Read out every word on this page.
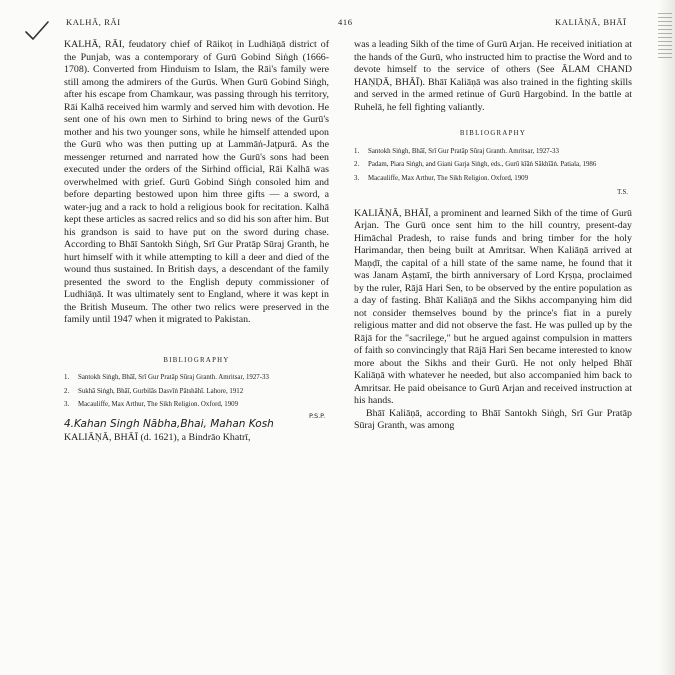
KALHĀ, RĀI	416	KALIĀṆĀ, BHĀĪ

KALHĀ, RĀI, feudatory chief of Rāikoṭ in Ludhiāṇā district of the Punjab, was a contemporary of Gurū Gobind Siṅgh (1666-1708). Converted from Hinduism to Islam, the Rāi's family were still among the admirers of the Gurūs. When Gurū Gobind Siṅgh, after his escape from Chamkaur, was passing through his territory, Rāi Kalhā received him warmly and served him with devotion. He sent one of his own men to Sirhind to bring news of the Gurū's mother and his two younger sons, while he himself attended upon the Gurū who was then putting up at Lammāṅ-Jaṭpurā. As the messenger returned and narrated how the Gurū's sons had been executed under the orders of the Sirhind official, Rāi Kalhā was overwhelmed with grief. Gurū Gobind Siṅgh consoled him and before departing bestowed upon him three gifts — a sword, a water-jug and a rack to hold a religious book for recitation. Kalhā kept these articles as sacred relics and so did his son after him. But his grandson is said to have put on the sword during chase. According to Bhāī Santokh Siṅgh, Srī Gur Pratāp Sūraj Granth, he hurt himself with it while attempting to kill a deer and died of the wound thus sustained. In British days, a descendant of the family presented the sword to the English deputy commissioner of Ludhiāṇā. It was ultimately sent to England, where it was kept in the British Museum. The other two relics were preserved in the family until 1947 when it migrated to Pakistan.

BIBLIOGRAPHY
1. Santokh Siṅgh, Bhāī, Srī Gur Pratāp Sūraj Granth. Amritsar, 1927-33
2. Sukhā Siṅgh, Bhāī, Gurbilās Dasvīṅ Pātshāhī. Lahore, 1912
3. Macauliffe, Max Arthur, The Sikh Religion. Oxford, 1909
4.Kahan Singh Nābha,Bhai, Mahan Kosh
P.S.P.

KALIĀṆĀ, BHĀĪ (d. 1621), a Bindrāo Khatrī,

was a leading Sikh of the time of Gurū Arjan. He received initiation at the hands of the Gurū, who instructed him to practise the Word and to devote himself to the service of others (See ĀLAM CHAND HAṆḌĀ, BHĀĪ). Bhāī Kaliāṇā was also trained in the fighting skills and served in the armed retinue of Gurū Hargobind. In the battle at Ruhelā, he fell fighting valiantly.

BIBLIOGRAPHY
1. Santokh Siṅgh, Bhāī, Srī Gur Pratāp Sūraj Granth. Amritsar, 1927-33
2. Padam, Piara Siṅgh, and Giani Garja Siṅgh, eds., Gurū kīāṅ Sākhīāṅ. Patiala, 1986
3. Macauliffe, Max Arthur, The Sikh Religion. Oxford, 1909
T.S.

KALIĀṆĀ, BHĀĪ, a prominent and learned Sikh of the time of Gurū Arjan. The Gurū once sent him to the hill country, present-day Himāchal Pradesh, to raise funds and bring timber for the holy Harimandar, then being built at Amritsar. When Kaliāṇā arrived at Maṇḍī, the capital of a hill state of the same name, he found that it was Janam Aṣṭamī, the birth anniversary of Lord Kṛṣṇa, proclaimed by the ruler, Rājā Hari Sen, to be observed by the entire population as a day of fasting. Bhāī Kaliāṇā and the Sikhs accompanying him did not consider themselves bound by the prince's fiat in a purely religious matter and did not observe the fast. He was pulled up by the Rājā for the "sacrilege," but he argued against compulsion in matters of faith so convincingly that Rājā Hari Sen became interested to know more about the Sikhs and their Gurū. He not only helped Bhāī Kaliāṇā with whatever he needed, but also accompanied him back to Amritsar. He paid obeisance to Gurū Arjan and received instruction at his hands.

Bhāī Kaliāṇā, according to Bhāī Santokh Siṅgh, Srī Gur Pratāp Sūraj Granth, was among
